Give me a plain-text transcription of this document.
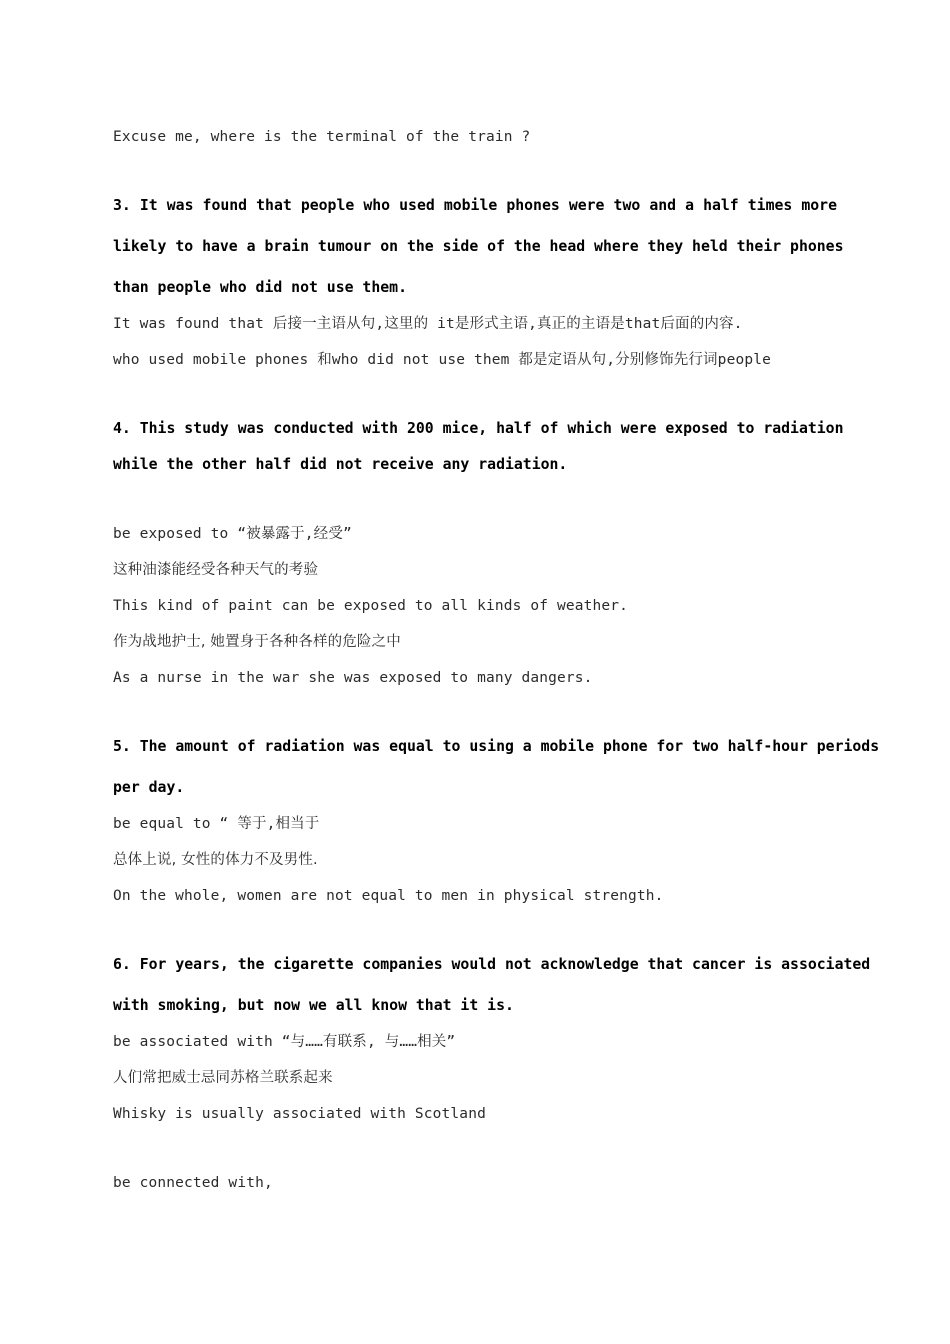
Excuse me, where is the terminal of the train ?
3. It was found that people who used mobile phones were two and a half times more
likely to have a brain tumour on the side of the head where they held their phones
than people who did not use them.
It was found that 后接一主语从句,这里的 it是形式主语,真正的主语是that后面的内容.
who used mobile phones 和who did not use them 都是定语从句,分别修饰先行词people
4. This study was conducted with 200 mice, half of which were exposed to radiation
while the other half did not receive any radiation.
be exposed to “被暴露于,经受”
这种油漆能经受各种天气的考验
This kind of paint can be exposed to all kinds of weather.
作为战地护士, 她置身于各种各样的危险之中
As a nurse in the war she was exposed to many dangers.
5. The amount of radiation was equal to using a mobile phone for two half-hour periods
per day.
be equal to “ 等于,相当于
总体上说, 女性的体力不及男性.
On the whole, women are not equal to men in physical strength.
6. For years, the cigarette companies would not acknowledge that cancer is associated
with smoking, but now we all know that it is.
be associated with “与……有联系, 与……相关”
人们常把威士忌同苏格兰联系起来
Whisky is usually associated with Scotland
be connected with,
